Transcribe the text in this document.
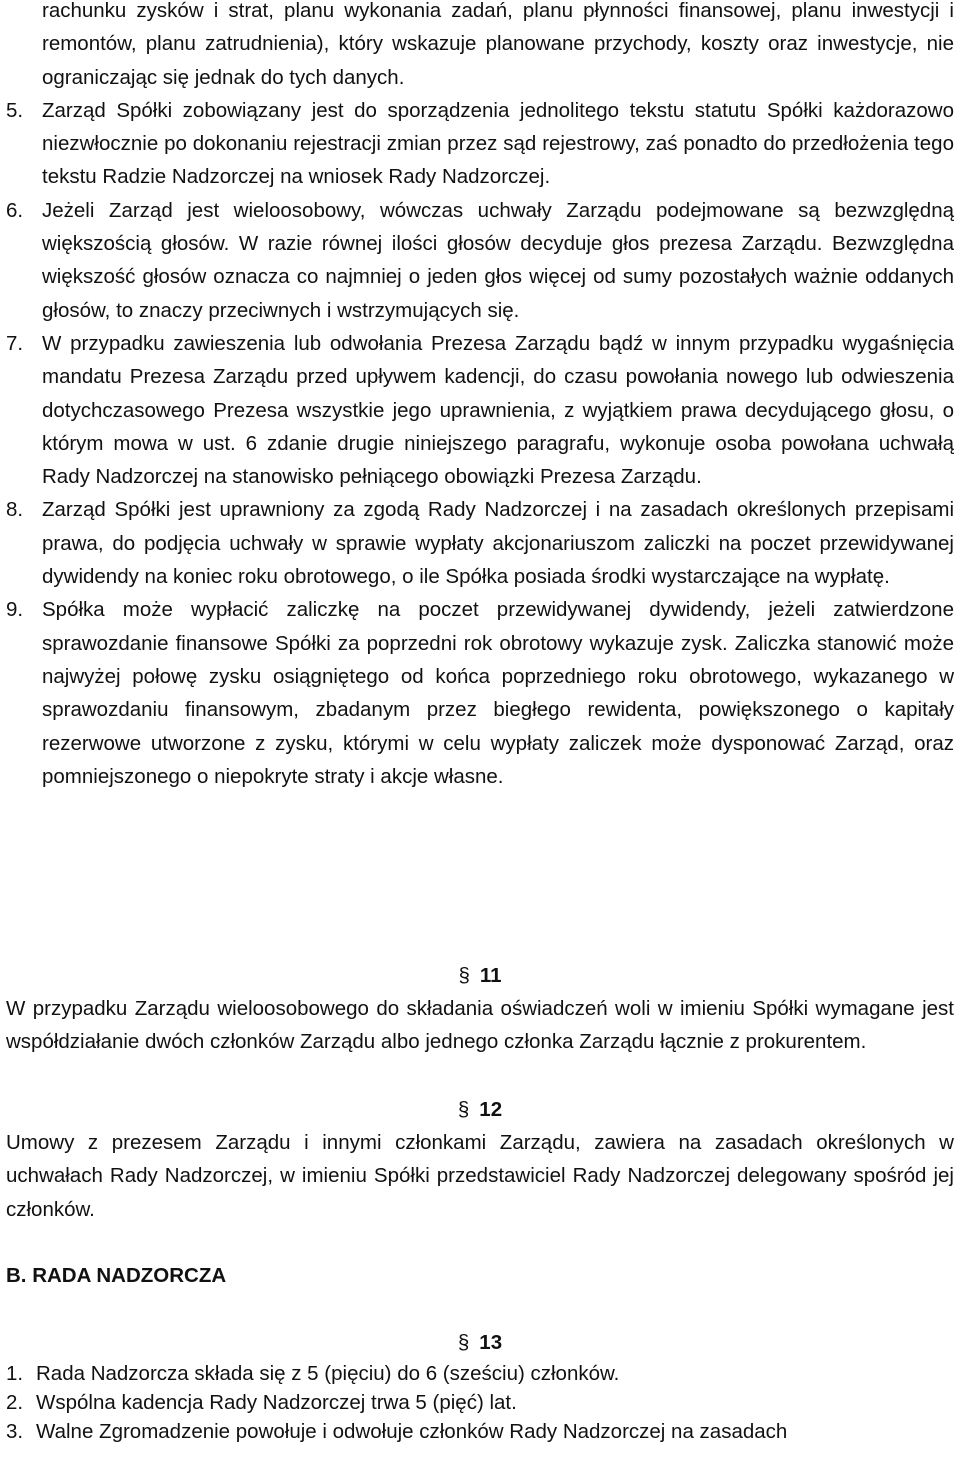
rachunku zysków i strat, planu wykonania zadań, planu płynności finansowej, planu inwestycji i remontów, planu zatrudnienia), który wskazuje planowane przychody, koszty oraz inwestycje, nie ograniczając się jednak do tych danych.

5. Zarząd Spółki zobowiązany jest do sporządzenia jednolitego tekstu statutu Spółki każdorazowo niezwłocznie po dokonaniu rejestracji zmian przez sąd rejestrowy, zaś ponadto do przedłożenia tego tekstu Radzie Nadzorczej na wniosek Rady Nadzorczej.

6. Jeżeli Zarząd jest wieloosobowy, wówczas uchwały Zarządu podejmowane są bezwzględną większością głosów. W razie równej ilości głosów decyduje głos prezesa Zarządu. Bezwzględna większość głosów oznacza co najmniej o jeden głos więcej od sumy pozostałych ważnie oddanych głosów, to znaczy przeciwnych i wstrzymujących się.

7. W przypadku zawieszenia lub odwołania Prezesa Zarządu bądź w innym przypadku wygaśnięcia mandatu Prezesa Zarządu przed upływem kadencji, do czasu powołania nowego lub odwieszenia dotychczasowego Prezesa wszystkie jego uprawnienia, z wyjątkiem prawa decydującego głosu, o którym mowa w ust. 6 zdanie drugie niniejszego paragrafu, wykonuje osoba powołana uchwałą Rady Nadzorczej na stanowisko pełniącego obowiązki Prezesa Zarządu.

8. Zarząd Spółki jest uprawniony za zgodą Rady Nadzorczej i na zasadach określonych przepisami prawa, do podjęcia uchwały w sprawie wypłaty akcjonariuszom zaliczki na poczet przewidywanej dywidendy na koniec roku obrotowego, o ile Spółka posiada środki wystarczające na wypłatę.

9. Spółka może wypłacić zaliczkę na poczet przewidywanej dywidendy, jeżeli zatwierdzone sprawozdanie finansowe Spółki za poprzedni rok obrotowy wykazuje zysk. Zaliczka stanowić może najwyżej połowę zysku osiągniętego od końca poprzedniego roku obrotowego, wykazanego w sprawozdaniu finansowym, zbadanym przez biegłego rewidenta, powiększonego o kapitały rezerwowe utworzone z zysku, którymi w celu wypłaty zaliczek może dysponować Zarząd, oraz pomniejszonego o niepokryte straty i akcje własne.

§ 11

W przypadku Zarządu wieloosobowego do składania oświadczeń woli w imieniu Spółki wymagane jest współdziałanie dwóch członków Zarządu albo jednego członka Zarządu łącznie z prokurentem.

§ 12

Umowy z prezesem Zarządu i innymi członkami Zarządu, zawiera na zasadach określonych w uchwałach Rady Nadzorczej, w imieniu Spółki przedstawiciel Rady Nadzorczej delegowany spośród jej członków.

B. RADA NADZORCZA

§ 13

1. Rada Nadzorcza składa się z 5 (pięciu) do 6 (sześciu) członków.

2. Wspólna kadencja Rady Nadzorczej trwa 5 (pięć) lat.

3. Walne Zgromadzenie powołuje i odwołuje członków Rady Nadzorczej na zasadach
